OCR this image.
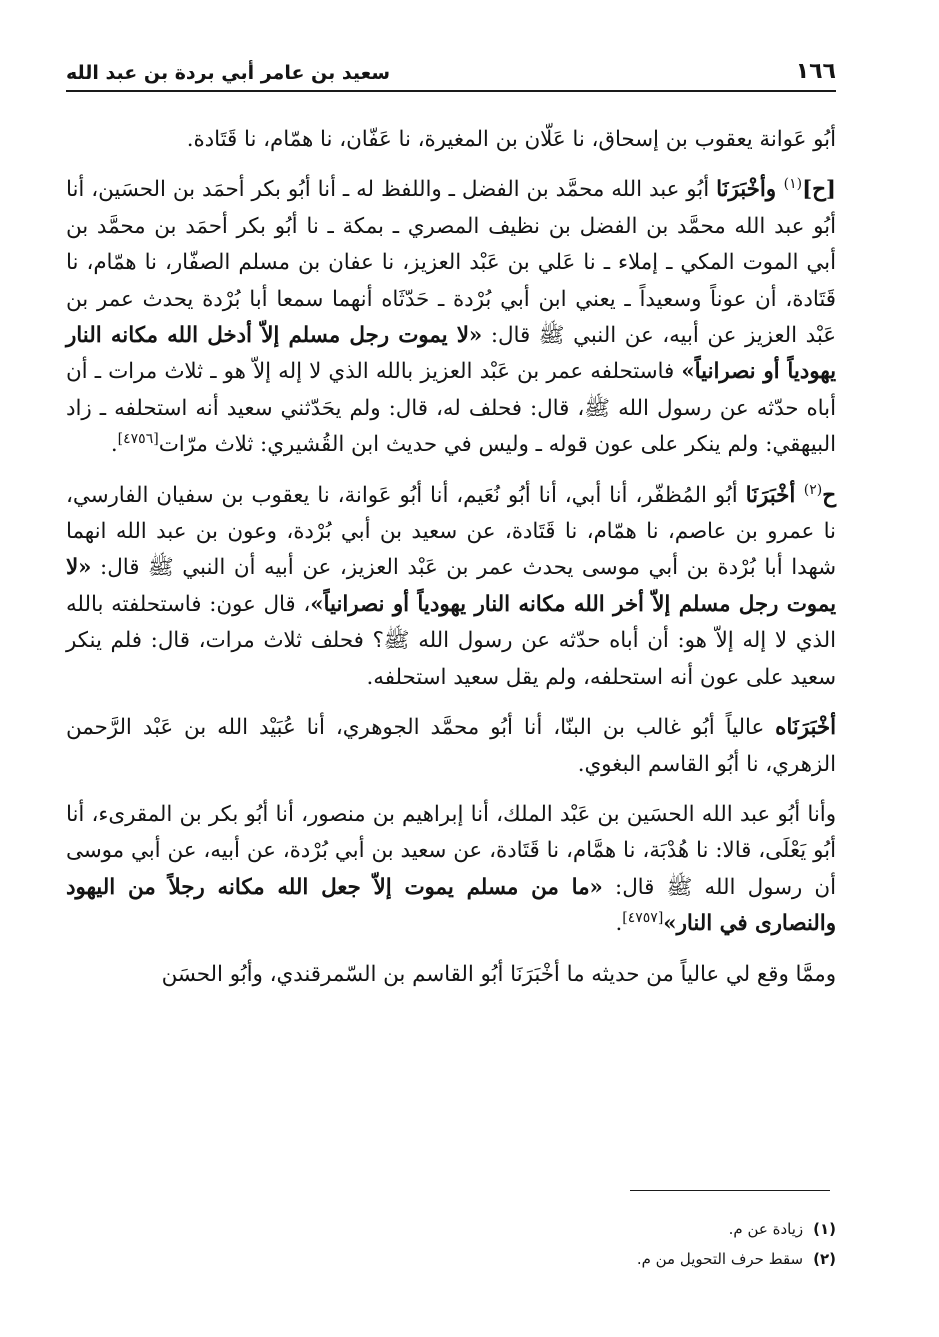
١٦٦
سعيد بن عامر أبي بردة بن عبد الله

أبُو عَوانة يعقوب بن إسحاق، نا عَلّان بن المغيرة، نا عَفّان، نا همّام، نا قَتَادة.

[ح]$^{(١)}$ وأخْبَرَنَا أبُو عبد الله محمَّد بن الفضل ـ واللفظ له ـ أنا أبُو بكر أحمَد بن الحسَين، أنا أبُو عبد الله محمَّد بن الفضل بن نظيف المصري ـ بمكة ـ نا أبُو بكر أحمَد بن محمَّد بن أبي الموت المكي ـ إملاء ـ نا عَلي بن عَبْد العزيز، نا عفان بن مسلم الصفّار، نا همّام، نا قَتَادة، أن عوناً وسعيداً ـ يعني ابن أبي بُرْدة ـ حَدّثَاه أنهما سمعا أبا بُرْدة يحدث عمر بن عَبْد العزيز عن أبيه، عن النبي ﷺ قال: «لا يموت رجل مسلم إلاّ أدخل الله مكانه النار يهودياً أو نصرانياً» فاستحلفه عمر بن عَبْد العزيز بالله الذي لا إله إلاّ هو ـ ثلاث مرات ـ أن أباه حدّثه عن رسول الله ﷺ، قال: فحلف له، قال: ولم يحَدّثني سعيد أنه استحلفه ـ زاد البيهقي: ولم ينكر على عون قوله ـ وليس في حديث ابن القُشيري: ثلاث مرّات[٤٧٥٦].

ح$^{(٢)}$ أخْبَرَنَا أبُو المُظفّر، أنا أبي، أنا أبُو نُعَيم، أنا أبُو عَوانة، نا يعقوب بن سفيان الفارسي، نا عمرو بن عاصم، نا همّام، نا قَتَادة، عن سعيد بن أبي بُرْدة، وعون بن عبد الله انهما شهدا أبا بُرْدة بن أبي موسى يحدث عمر بن عَبْد العزيز، عن أبيه أن النبي ﷺ قال: «لا يموت رجل مسلم إلاّ أخر الله مكانه النار يهودياً أو نصرانياً»، قال عون: فاستحلفته بالله الذي لا إله إلاّ هو: أن أباه حدّثه عن رسول الله ﷺ؟ فحلف ثلاث مرات، قال: فلم ينكر سعيد على عون أنه استحلفه، ولم يقل سعيد استحلفه.

أخْبَرَنَاه عالياً أبُو غالب بن البنّا، أنا أبُو محمَّد الجوهري، أنا عُبَيْد الله بن عَبْد الرَّحمن الزهري، نا أبُو القاسم البغوي.

وأنا أبُو عبد الله الحسَين بن عَبْد الملك، أنا إبراهيم بن منصور، أنا أبُو بكر بن المقرىء، أنا أبُو يَعْلَى، قالا: نا هُدْبَة، نا همَّام، نا قَتَادة، عن سعيد بن أبي بُرْدة، عن أبيه، عن أبي موسى أن رسول الله ﷺ قال: «ما من مسلم يموت إلاّ جعل الله مكانه رجلاً من اليهود والنصارى في النار»[٤٧٥٧].

وممَّا وقع لي عالياً من حديثه ما أخْبَرَنَا أبُو القاسم بن السّمرقندي، وأبُو الحسَن

(١)
زيادة عن م.
(٢)
سقط حرف التحويل من م.
